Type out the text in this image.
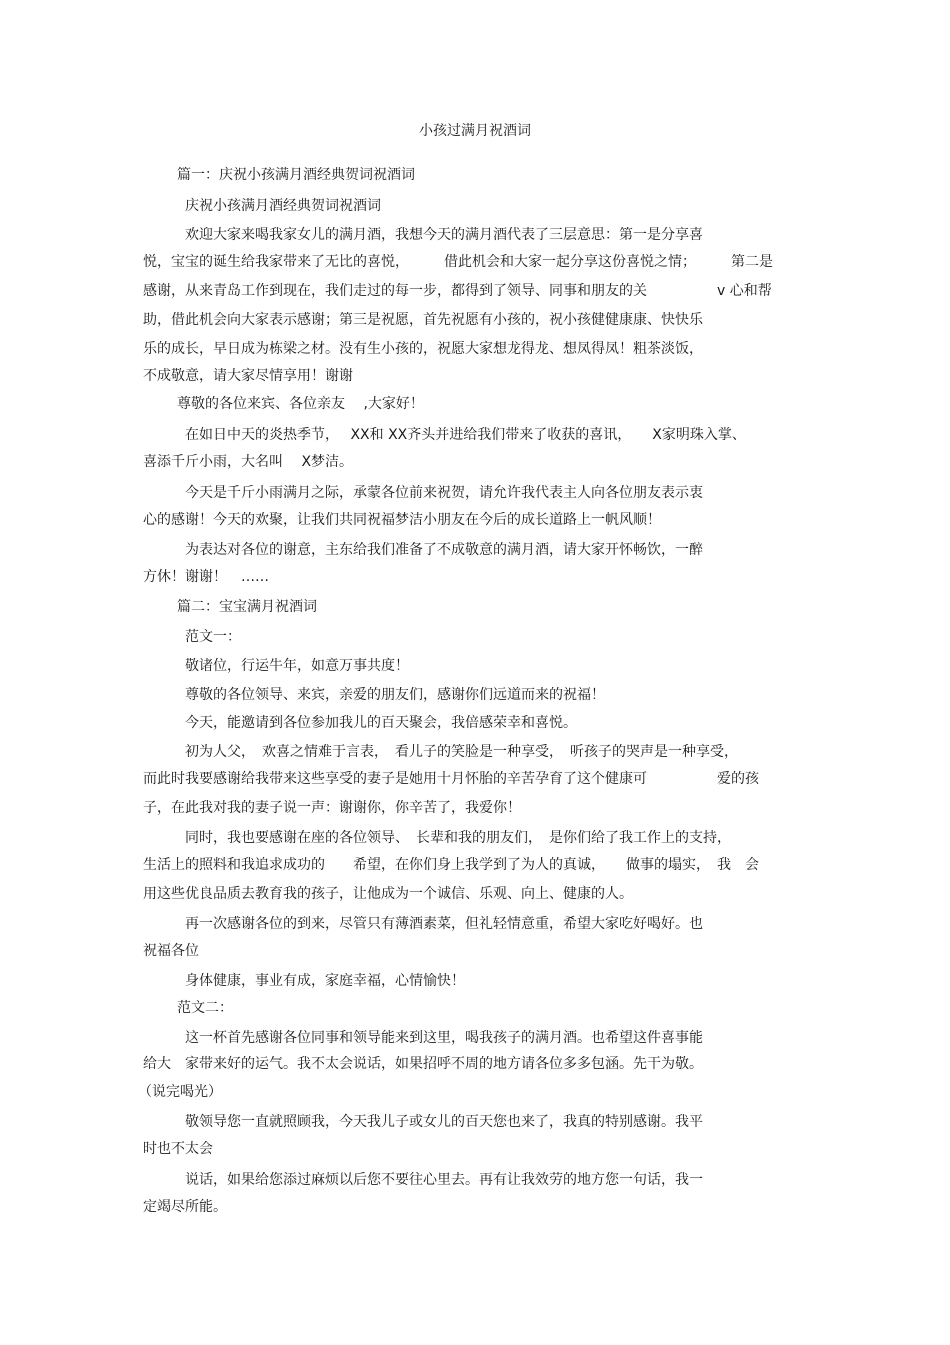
小孩过满月祝酒词
篇一：庆祝小孩满月酒经典贺词祝酒词
庆祝小孩满月酒经典贺词祝酒词
欢迎大家来喝我家女儿的满月酒，我想今天的满月酒代表了三层意思：第一是分享喜
悦，宝宝的诞生给我家带来了无比的喜悦，　　　借此机会和大家一起分享这份喜悦之情；　　　第二是
感谢，从来青岛工作到现在，我们走过的每一步，都得到了领导、同事和朋友的关　　　　　v 心和帮
助，借此机会向大家表示感谢；第三是祝愿，首先祝愿有小孩的，祝小孩健健康康、快快乐
乐的成长，早日成为栋梁之材。没有生小孩的，祝愿大家想龙得龙、想凤得凤！粗茶淡饭，
不成敬意，请大家尽情享用！谢谢
尊敬的各位来宾、各位亲友　 ,大家好！
在如日中天的炎热季节，　 XX和 XX齐头并进给我们带来了收获的喜讯，　　X家明珠入掌、
喜添千斤小雨，大名叫　 X梦洁。
今天是千斤小雨满月之际，承蒙各位前来祝贺，请允许我代表主人向各位朋友表示衷
心的感谢！今天的欢聚，让我们共同祝福梦洁小朋友在今后的成长道路上一帆风顺！
为表达对各位的谢意，主东给我们准备了不成敬意的满月酒，请大家开怀畅饮，一醉
方休！谢谢！　……
篇二：宝宝满月祝酒词
范文一：
敬诸位，行运牛年，如意万事共度！
尊敬的各位领导、来宾，亲爱的朋友们，感谢你们远道而来的祝福！
今天，能邀请到各位参加我儿的百天聚会，我倍感荣幸和喜悦。
初为人父，　欢喜之情难于言表，　看儿子的笑脸是一种享受，　听孩子的哭声是一种享受，
而此时我要感谢给我带来这些享受的妻子是她用十月怀胎的辛苦孕育了这个健康可　　　　　爱的孩
子，在此我对我的妻子说一声：谢谢你，你辛苦了，我爱你！
同时，我也要感谢在座的各位领导、　长辈和我的朋友们，　是你们给了我工作上的支持，
生活上的照料和我追求成功的　　希望，在你们身上我学到了为人的真诚，　　做事的塌实，　我　会
用这些优良品质去教育我的孩子，让他成为一个诚信、乐观、向上、健康的人。
再一次感谢各位的到来，尽管只有薄酒素菜，但礼轻情意重，希望大家吃好喝好。也
祝福各位
身体健康，事业有成，家庭幸福，心情愉快！
范文二：
这一杯首先感谢各位同事和领导能来到这里，喝我孩子的满月酒。也希望这件喜事能
给大　家带来好的运气。我不太会说话，如果招呼不周的地方请各位多多包涵。先干为敬。
（说完喝光）
敬领导您一直就照顾我，今天我儿子或女儿的百天您也来了，我真的特别感谢。我平
时也不太会
说话，如果给您添过麻烦以后您不要往心里去。再有让我效劳的地方您一句话，我一
定竭尽所能。
